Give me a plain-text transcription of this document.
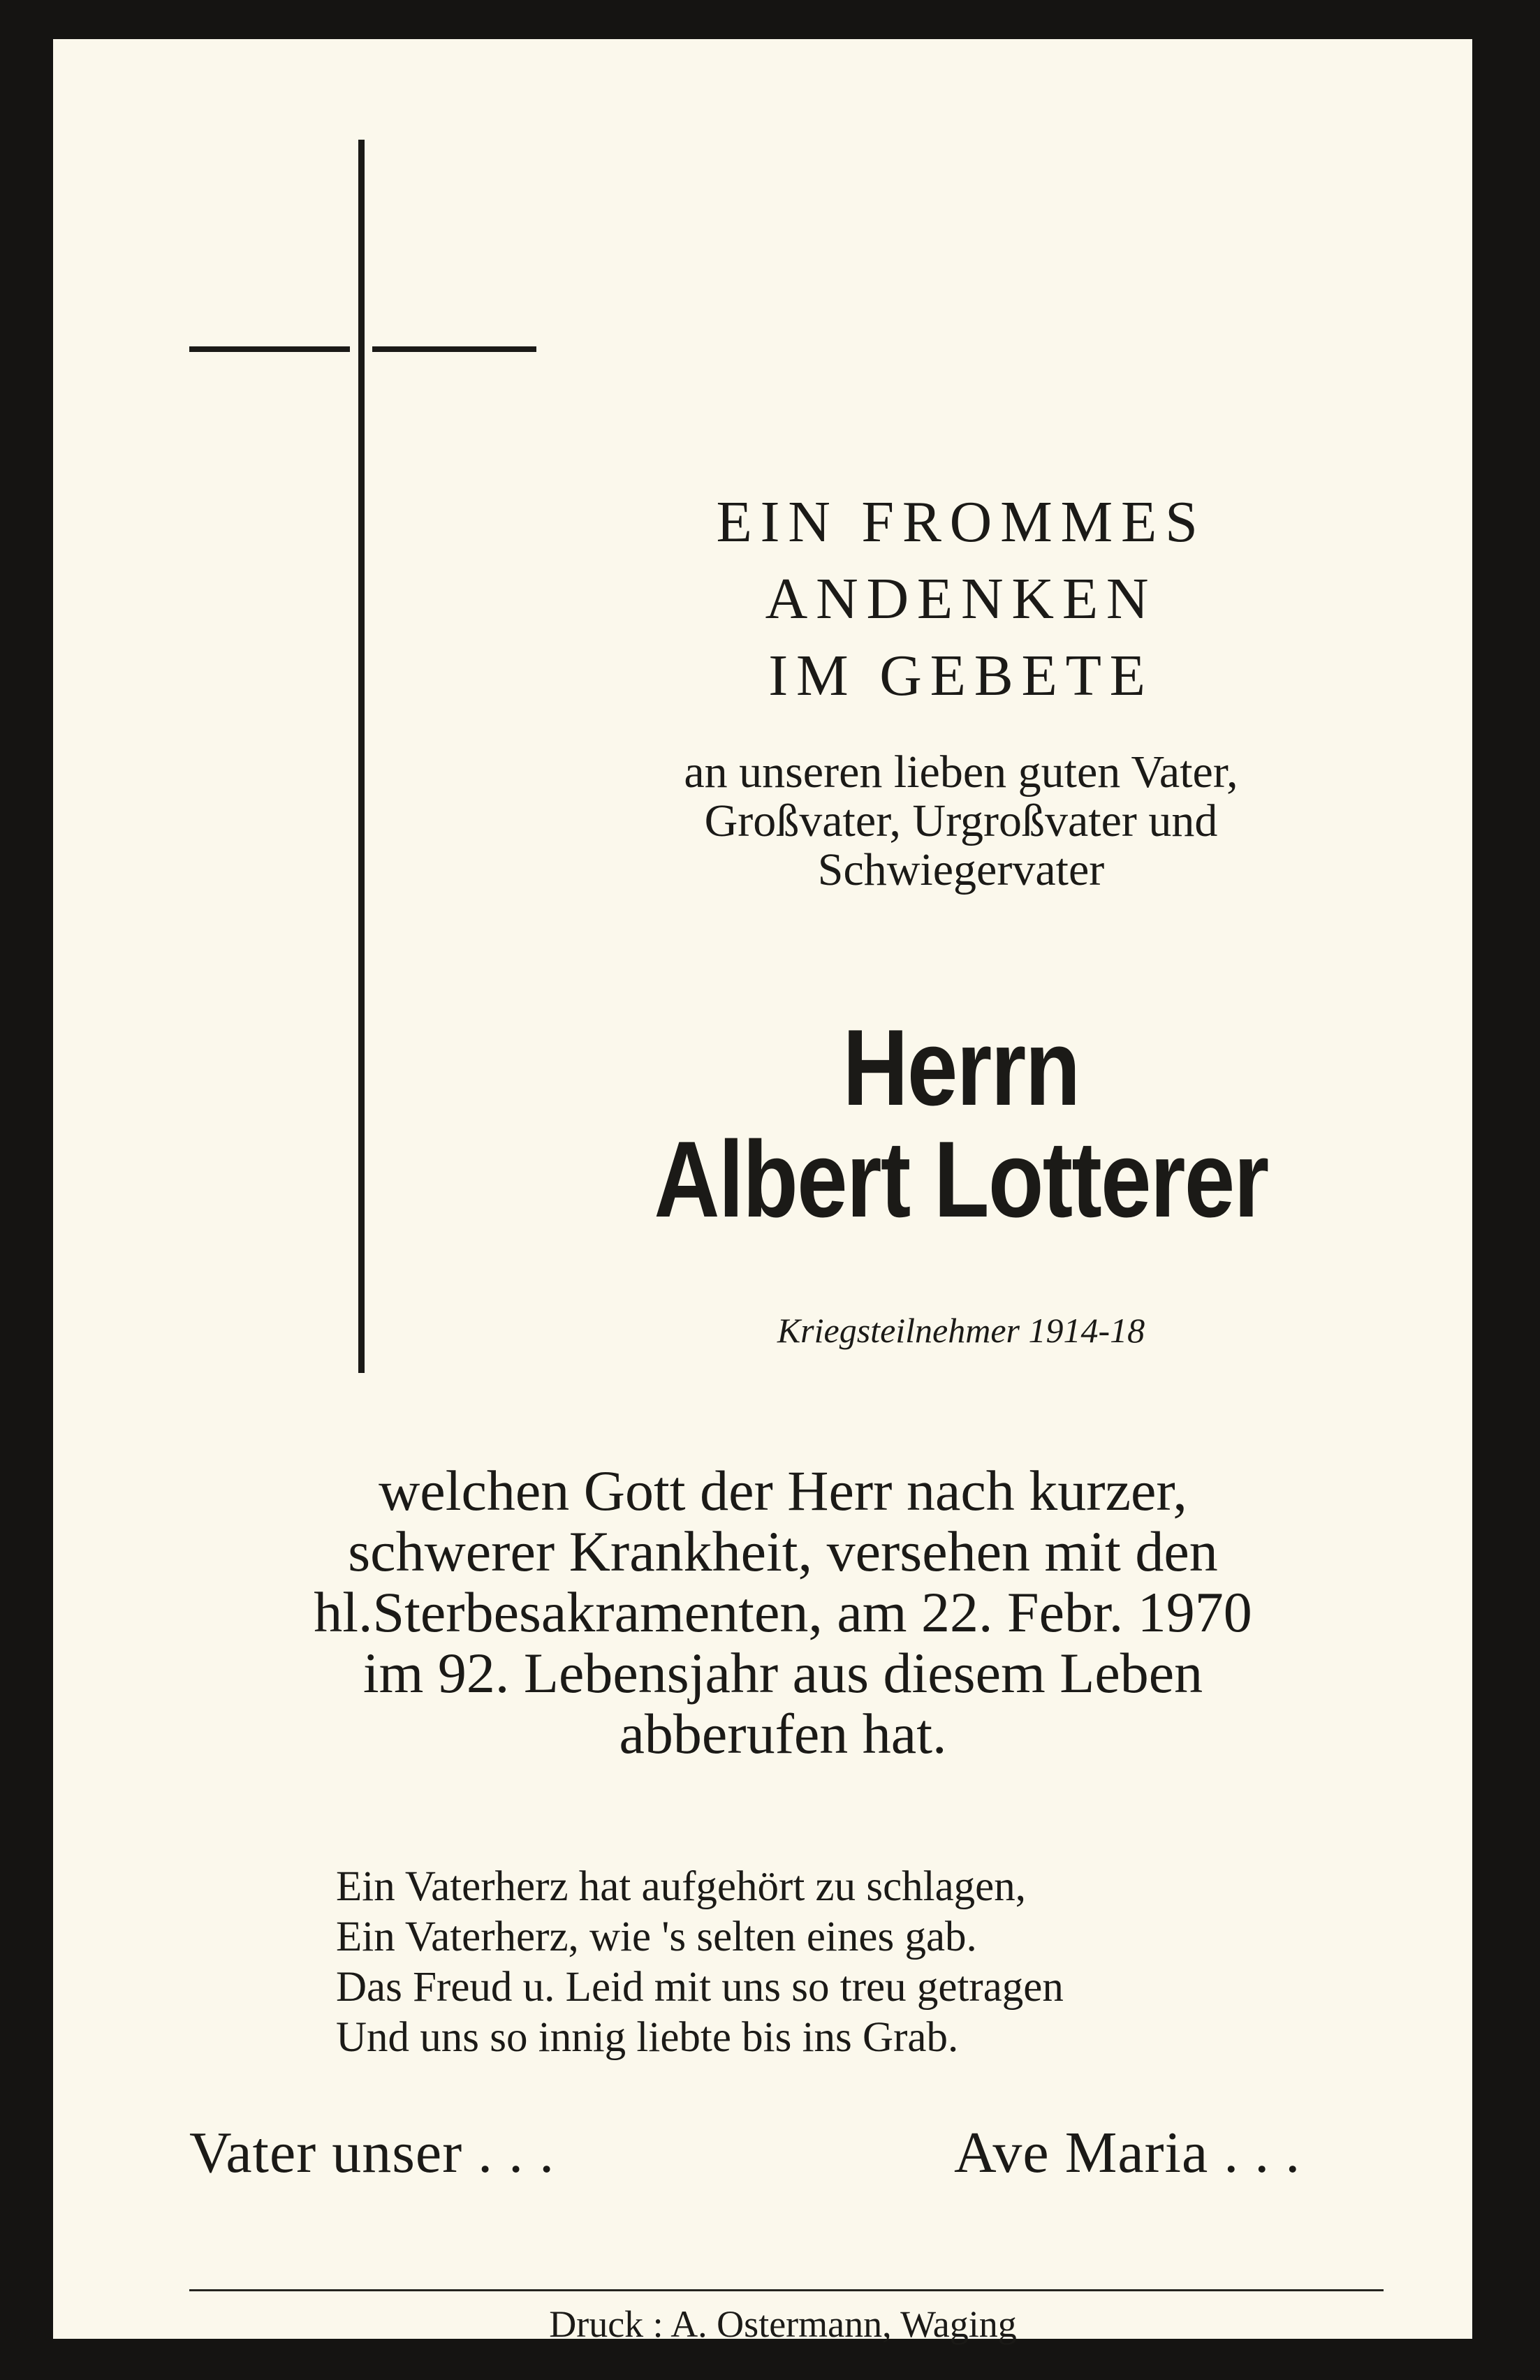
EIN FROMMES
ANDENKEN
IM GEBETE
an unseren lieben guten Vater,
Großvater, Urgroßvater und
Schwiegervater
Herrn
Albert Lotterer
Kriegsteilnehmer 1914-18
welchen Gott der Herr nach kurzer,
schwerer Krankheit, versehen mit den
hl.Sterbesakramenten, am 22. Febr. 1970
im 92. Lebensjahr aus diesem Leben
abberufen hat.
Ein Vaterherz hat aufgehört zu schlagen,
Ein Vaterherz, wie 's selten eines gab.
Das Freud u. Leid mit uns so treu getragen
Und uns so innig liebte bis ins Grab.
Vater unser . . .	Ave Maria . . .
Druck : A. Ostermann, Waging
